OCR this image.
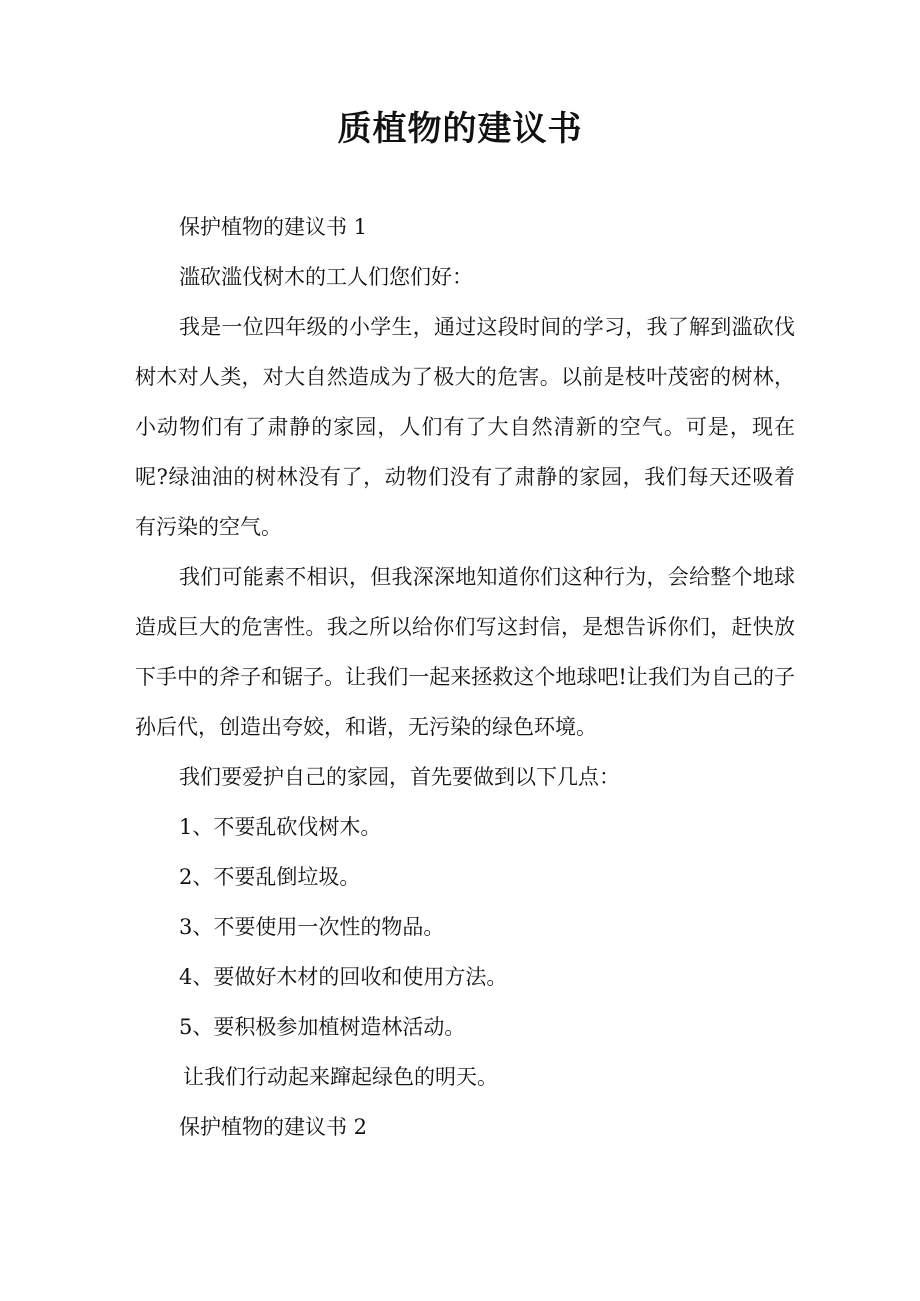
质植物的建议书

保护植物的建议书 1

滥砍滥伐树木的工人们您们好：

我是一位四年级的小学生，通过这段时间的学习，我了解到滥砍伐树木对人类，对大自然造成为了极大的危害。以前是枝叶茂密的树林，小动物们有了肃静的家园，人们有了大自然清新的空气。可是，现在呢?绿油油的树林没有了，动物们没有了肃静的家园，我们每天还吸着有污染的空气。

我们可能素不相识，但我深深地知道你们这种行为，会给整个地球造成巨大的危害性。我之所以给你们写这封信，是想告诉你们，赶快放下手中的斧子和锯子。让我们一起来拯救这个地球吧!让我们为自己的子孙后代，创造出夸姣，和谐，无污染的绿色环境。

我们要爱护自己的家园，首先要做到以下几点：

1、不要乱砍伐树木。
2、不要乱倒垃圾。
3、不要使用一次性的物品。
4、要做好木材的回收和使用方法。
5、要积极参加植树造林活动。

让我们行动起来蹿起绿色的明天。

保护植物的建议书 2
